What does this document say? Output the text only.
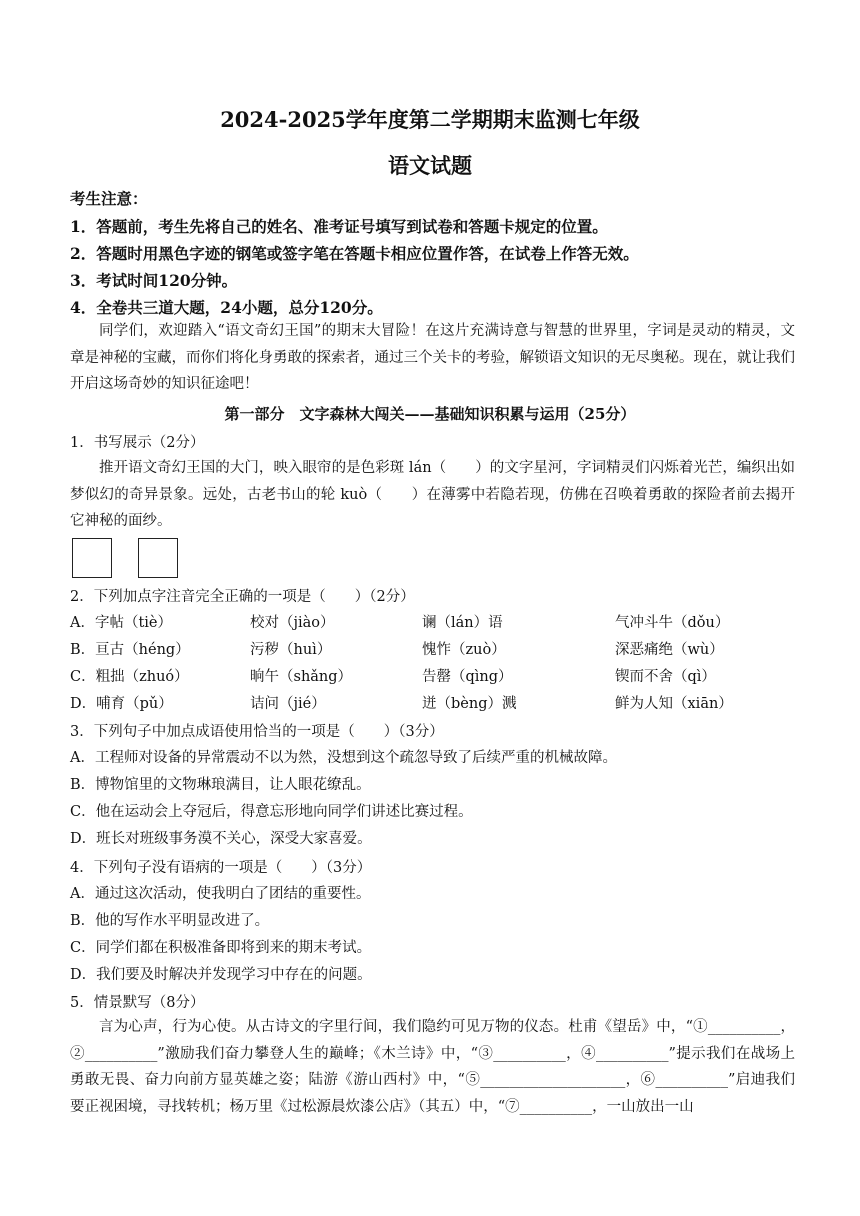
2024-2025学年度第二学期期末监测七年级
语文试题
考生注意：
1．答题前，考生先将自己的姓名、准考证号填写到试卷和答题卡规定的位置。
2．答题时用黑色字迹的钢笔或签字笔在答题卡相应位置作答，在试卷上作答无效。
3．考试时间120分钟。
4．全卷共三道大题，24小题，总分120分。
同学们，欢迎踏入“语文奇幻王国”的期末大冒险！在这片充满诗意与智慧的世界里，字词是灵动的精灵，文章是神秘的宝藏，而你们将化身勇敢的探索者，通过三个关卡的考验，解锁语文知识的无尽奥秘。现在，就让我们开启这场奇妙的知识征途吧！
第一部分　文字森林大闯关——基础知识积累与运用（25分）
1．书写展示（2分）
推开语文奇幻王国的大门，映入眼帘的是色彩斑 lán（　　）的文字星河，字词精灵们闪烁着光芒，编织出如梦似幻的奇异景象。远处，古老书山的轮 kuò（　　）在薄雾中若隐若现，仿佛在召唤着勇敢的探险者前去揭开它神秘的面纱。
2．下列加点字注音完全正确的一项是（　　）（2分）
A．字帖（tiè）	校对（jiào）	谰（lán）语	气冲斗牛（dǒu）
B．亘古（héng）	污秽（huì）	愧怍（zuò）	深恶痛绝（wù）
C．粗拙（zhuó）	晌午（shǎng）	告罄（qìng）	锲而不舍（qì）
D．哺育（pǔ）	诘问（jié）	迸（bèng）溅	鲜为人知（xiān）
3．下列句子中加点成语使用恰当的一项是（　　）（3分）
A．工程师对设备的异常震动不以为然，没想到这个疏忽导致了后续严重的机械故障。
B．博物馆里的文物琳琅满目，让人眼花缭乱。
C．他在运动会上夺冠后，得意忘形地向同学们讲述比赛过程。
D．班长对班级事务漠不关心，深受大家喜爱。
4．下列句子没有语病的一项是（　　）（3分）
A．通过这次活动，使我明白了团结的重要性。
B．他的写作水平明显改进了。
C．同学们都在积极准备即将到来的期末考试。
D．我们要及时解决并发现学习中存在的问题。
5．情景默写（8分）
言为心声，行为心使。从古诗文的字里行间，我们隐约可见万物的仪态。杜甫《望岳》中，“①__________，②__________”激励我们奋力攀登人生的巅峰；《木兰诗》中，“③__________，④__________”提示我们在战场上勇敢无畏、奋力向前方显英雄之姿；陆游《游山西村》中，“⑤____________________，⑥__________”启迪我们要正视困境，寻找转机；杨万里《过松源晨炊漆公店》（其五）中，“⑦__________，一山放出一山
